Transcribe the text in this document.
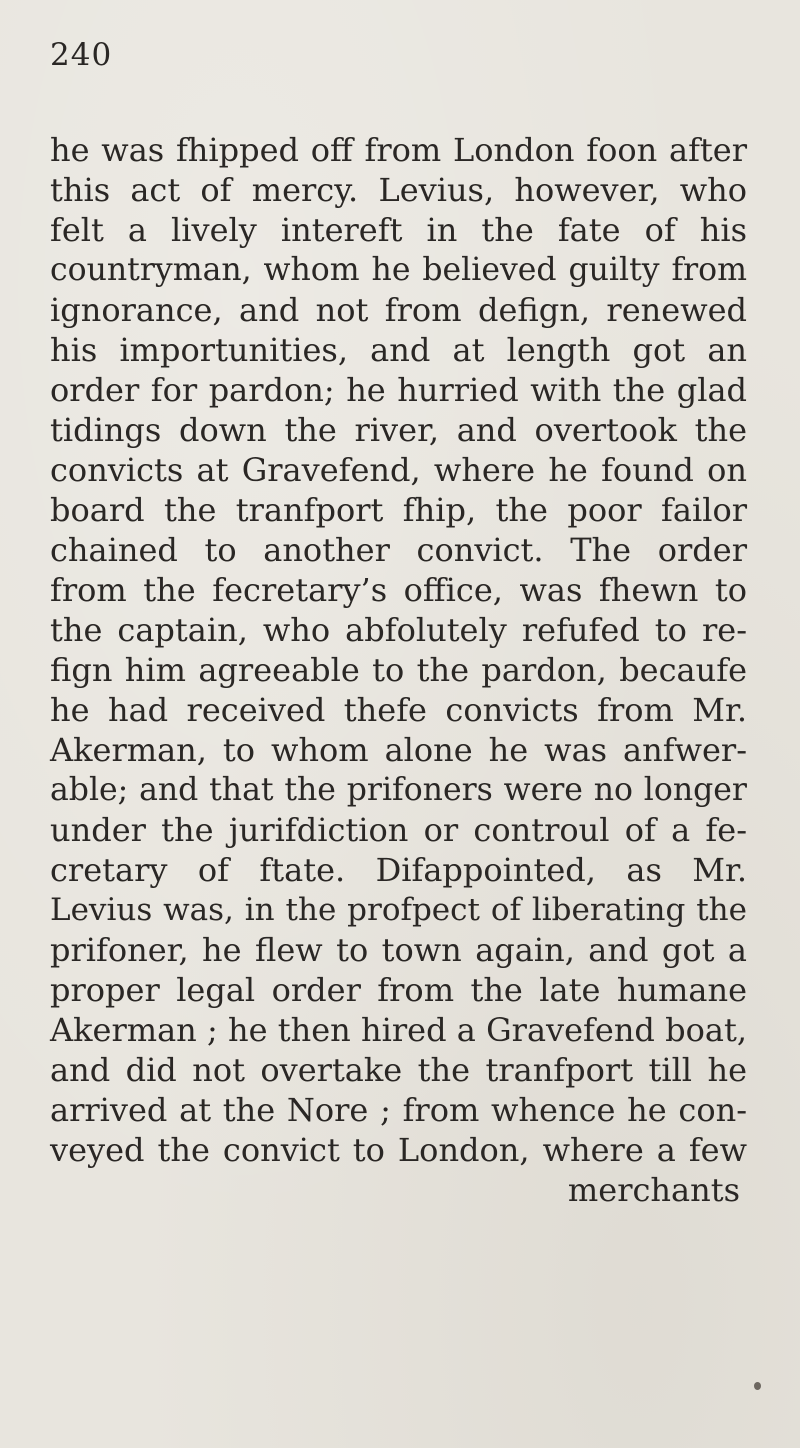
240
he was fhipped off from London foon after
this act of mercy. Levius, however, who
felt a lively intereft in the fate of his
countryman, whom he believed guilty from
ignorance, and not from defign, renewed
his importunities, and at length got an
order for pardon; he hurried with the glad
tidings down the river, and overtook the
convicts at Gravefend, where he found on
board the tranfport fhip, the poor failor
chained to another convict. The order
from the fecretary’s office, was fhewn to
the captain, who abfolutely refufed to re-
fign him agreeable to the pardon, becaufe
he had received thefe convicts from Mr.
Akerman, to whom alone he was anfwer-
able; and that the prifoners were no longer
under the jurifdiction or controul of a fe-
cretary of ftate. Difappointed, as Mr.
Levius was, in the profpect of liberating the
prifoner, he flew to town again, and got a
proper legal order from the late humane
Akerman ; he then hired a Gravefend boat,
and did not overtake the tranfport till he
arrived at the Nore ; from whence he con-
veyed the convict to London, where a few
merchants
